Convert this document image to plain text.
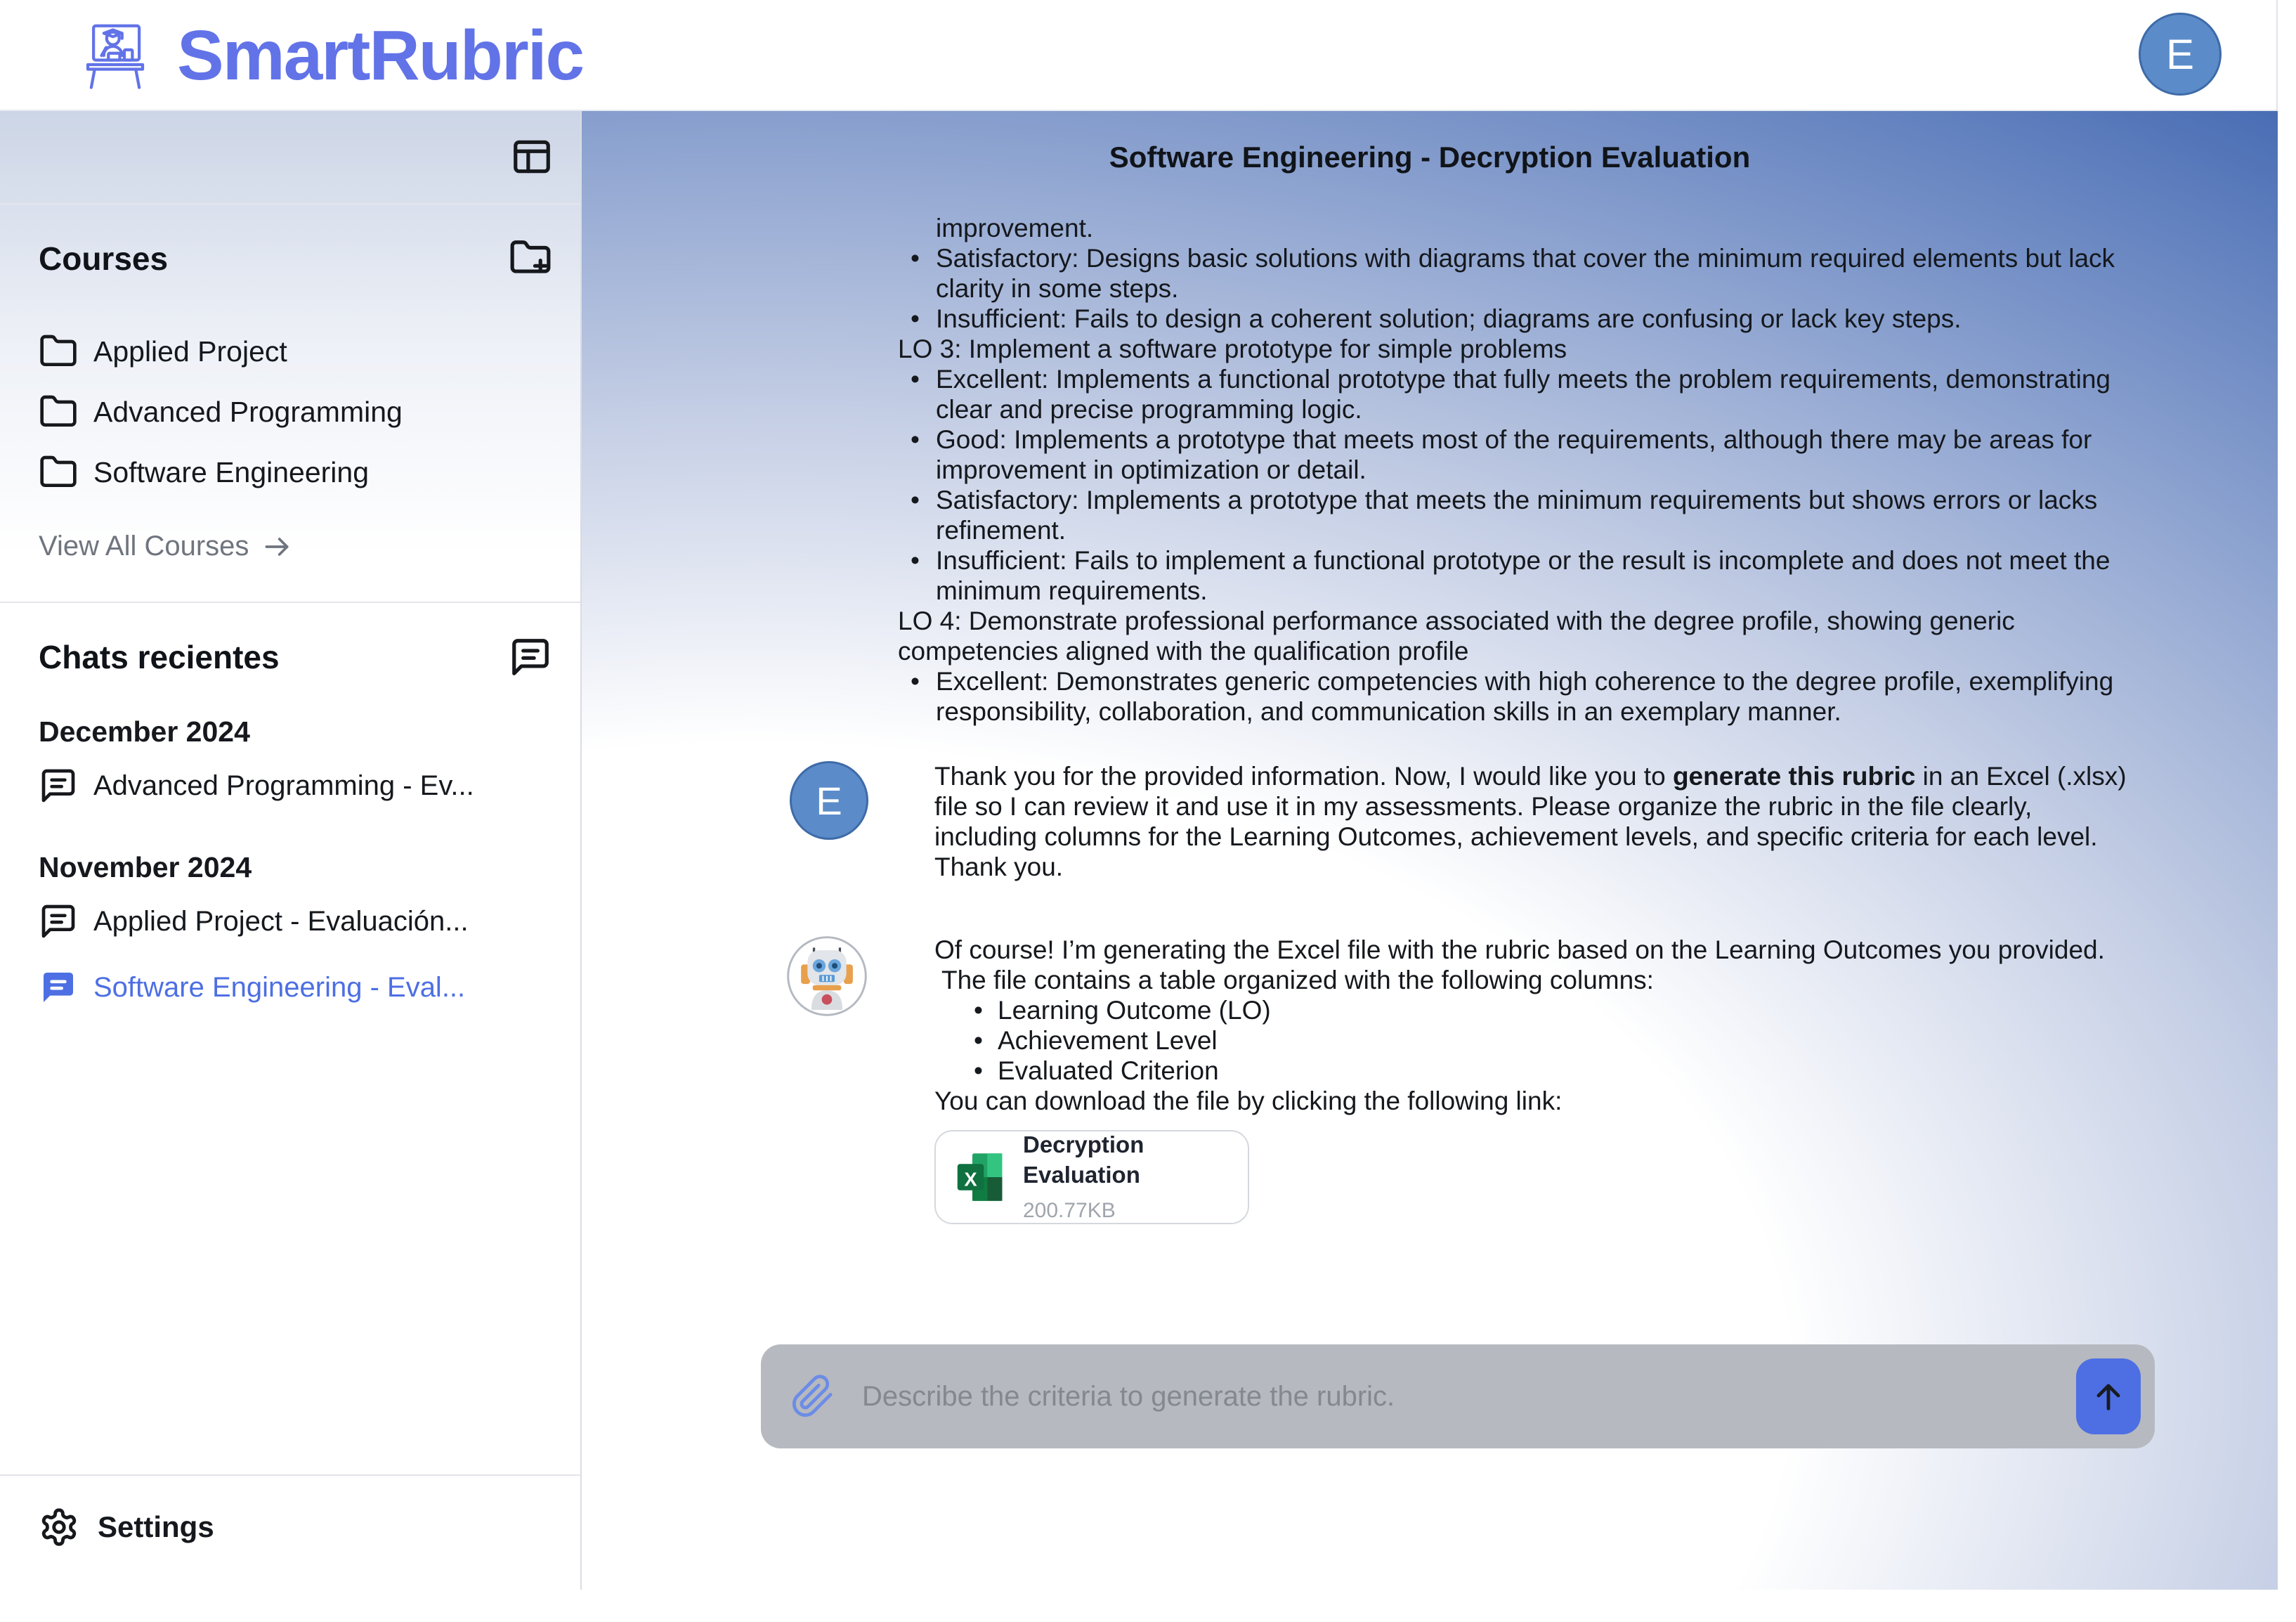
SmartRubric	E
Courses
Applied Project
Advanced Programming
Software Engineering
View All Courses
Chats recientes
December 2024
Advanced Programming - Ev...
November 2024
Applied Project - Evaluación...
Software Engineering - Eval...
Settings
Software Engineering - Decryption Evaluation
improvement.
• Satisfactory: Designs basic solutions with diagrams that cover the minimum required elements but lack clarity in some steps.
• Insufficient: Fails to design a coherent solution; diagrams are confusing or lack key steps.
LO 3: Implement a software prototype for simple problems
• Excellent: Implements a functional prototype that fully meets the problem requirements, demonstrating clear and precise programming logic.
• Good: Implements a prototype that meets most of the requirements, although there may be areas for improvement in optimization or detail.
• Satisfactory: Implements a prototype that meets the minimum requirements but shows errors or lacks refinement.
• Insufficient: Fails to implement a functional prototype or the result is incomplete and does not meet the minimum requirements.
LO 4: Demonstrate professional performance associated with the degree profile, showing generic competencies aligned with the qualification profile
• Excellent: Demonstrates generic competencies with high coherence to the degree profile, exemplifying responsibility, collaboration, and communication skills in an exemplary manner.
E
Thank you for the provided information. Now, I would like you to generate this rubric in an Excel (.xlsx) file so I can review it and use it in my assessments. Please organize the rubric in the file clearly, including columns for the Learning Outcomes, achievement levels, and specific criteria for each level. Thank you.
Of course! I’m generating the Excel file with the rubric based on the Learning Outcomes you provided.
The file contains a table organized with the following columns:
• Learning Outcome (LO)
• Achievement Level
• Evaluated Criterion
You can download the file by clicking the following link:
X
Decryption Evaluation
200.77KB
Describe the criteria to generate the rubric.
